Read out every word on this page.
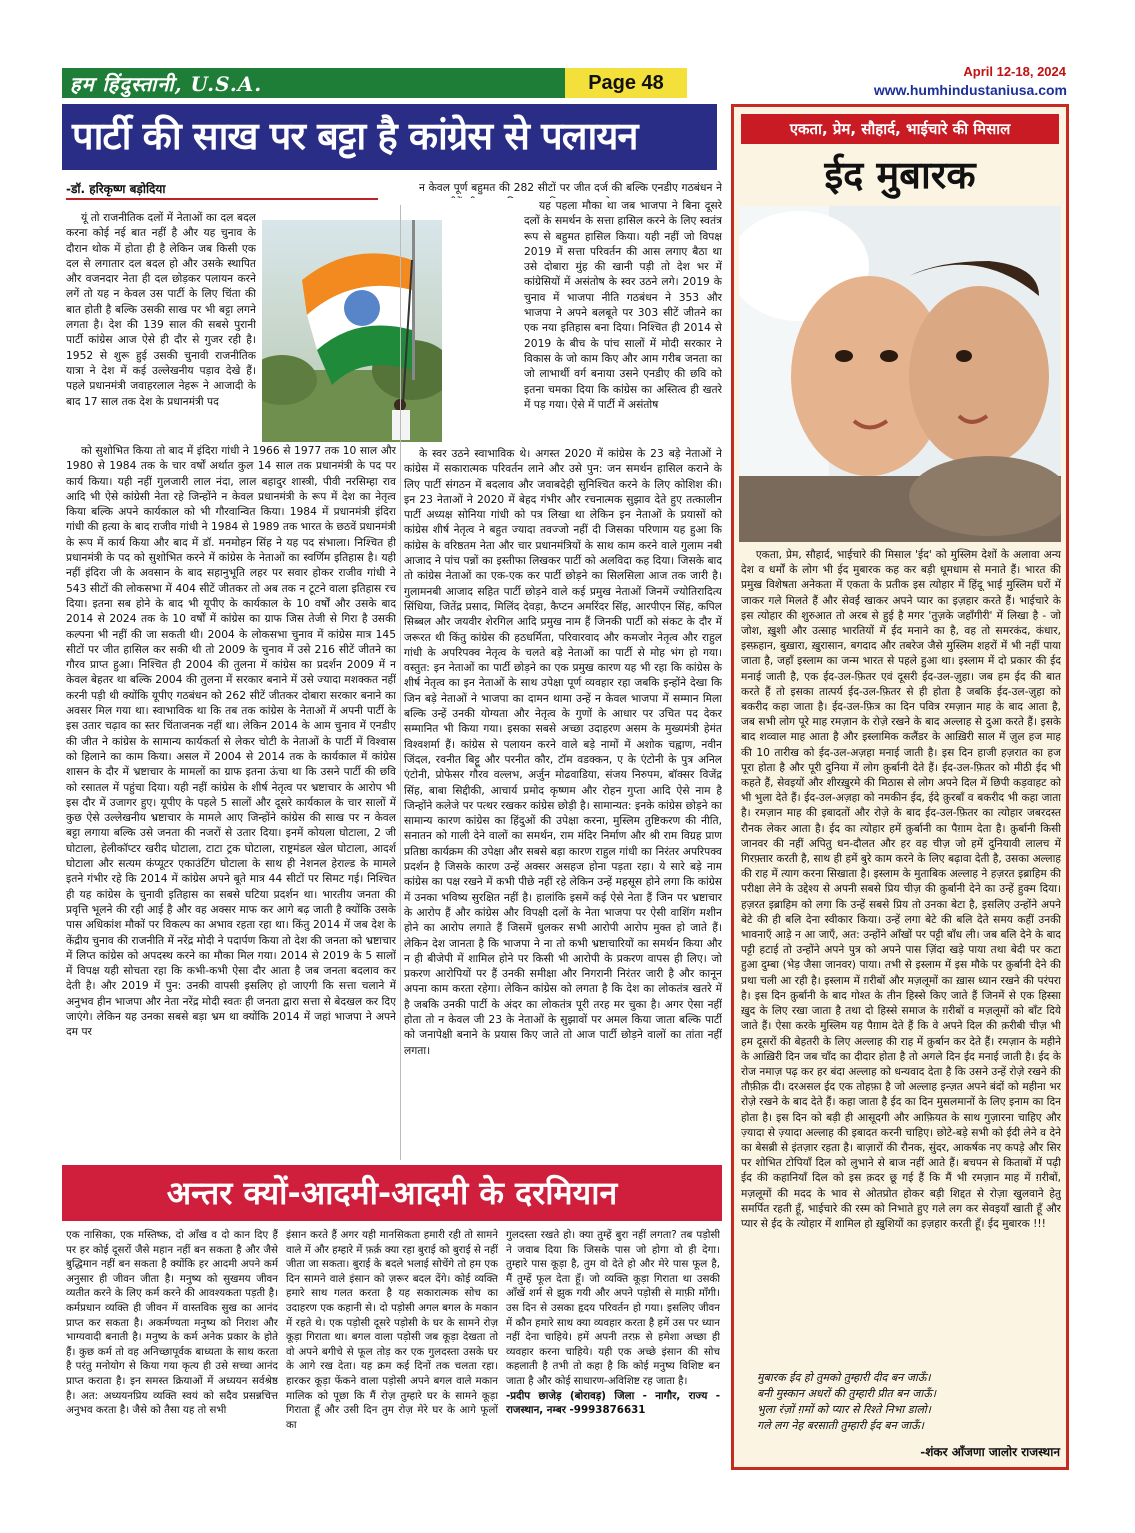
हम हिंदुस्तानी, U.S.A.	Page 48
April 12-18, 2024
www.humhindustaniusa.com
पार्टी की साख पर बट्टा है कांग्रेस से पलायन
-डॉ. हरिकृष्ण बड़ोदिया

यूं तो राजनीतिक दलों में नेताओं का दल बदल करना कोई नई बात नहीं है और यह चुनाव के दौरान थोक में होता ही है लेकिन जब किसी एक दल से लगातार दल बदल हो और उसके स्थापित और वजनदार नेता ही दल छोड़कर पलायन करने लगें तो यह न केवल उस पार्टी के लिए चिंता की बात होती है बल्कि उसकी साख पर भी बट्टा लगने लगता है। देश की 139 साल की सबसे पुरानी पार्टी कांग्रेस आज ऐसे ही दौर से गुजर रही है। 1952 से शुरू हुई उसकी चुनावी राजनीतिक यात्रा ने देश में कई उल्लेखनीय पड़ाव देखे हैं। पहले प्रधानमंत्री जवाहरलाल नेहरू ने आजादी के बाद 17 साल तक देश के प्रधानमंत्री पद

को सुशोभित किया तो बाद में इंदिरा गांधी ने 1966 से 1977 तक 10 साल और 1980 से 1984 तक के चार वर्षों अर्थात कुल 14 साल तक प्रधानमंत्री के पद पर कार्य किया। यही नहीं गुलजारी लाल नंदा, लाल बहादुर शास्त्री, पीवी नरसिम्हा राव आदि भी ऐसे कांग्रेसी नेता रहे जिन्होंने न केवल प्रधानमंत्री के रूप में देश का नेतृत्व किया बल्कि अपने कार्यकाल को भी गौरवान्वित किया। 1984 में प्रधानमंत्री इंदिरा गांधी की हत्या के बाद राजीव गांधी ने 1984 से 1989 तक भारत के छठवें प्रधानमंत्री के रूप में कार्य किया और बाद में डॉ. मनमोहन सिंह ने यह पद संभाला। निश्चित ही प्रधानमंत्री के पद को सुशोभित करने में कांग्रेस के नेताओं का स्वर्णिम इतिहास है। यही नहीं इंदिरा जी के अवसान के बाद सहानुभूति लहर पर सवार होकर राजीव गांधी ने 543 सीटों की लोकसभा में 404 सीटें जीतकर तो अब तक न टूटने वाला इतिहास रच दिया। इतना सब होने के बाद भी यूपीए के कार्यकाल के 10 वर्षों और उसके बाद 2014 से 2024 तक के 10 वर्षों में कांग्रेस का ग्राफ जिस तेजी से गिरा है उसकी कल्पना भी नहीं की जा सकती थी। 2004 के लोकसभा चुनाव में कांग्रेस मात्र 145 सीटों पर जीत हासिल कर सकी थी तो 2009 के चुनाव में उसे 216 सीटें जीतने का गौरव प्राप्त हुआ। निश्चित ही 2004 की तुलना में कांग्रेस का प्रदर्शन 2009 में न केवल बेहतर था बल्कि 2004 की तुलना में सरकार बनाने में उसे ज्यादा मशक्कत नहीं करनी पड़ी थी क्योंकि यूपीए गठबंधन को 262 सीटें जीतकर दोबारा सरकार बनाने का अवसर मिल गया था। स्वाभाविक था कि तब तक कांग्रेस के नेताओं में अपनी पार्टी के इस उतार चढ़ाव का स्तर चिंताजनक नहीं था। लेकिन 2014 के आम चुनाव में एनडीए की जीत ने कांग्रेस के सामान्य कार्यकर्ता से लेकर चोटी के नेताओं के पार्टी में विश्वास को हिलाने का काम किया। असल में 2004 से 2014 तक के कार्यकाल में कांग्रेस शासन के दौर में भ्रष्टाचार के मामलों का ग्राफ इतना ऊंचा था कि उसने पार्टी की छवि को रसातल में पहुंचा दिया। यही नहीं कांग्रेस के शीर्ष नेतृत्व पर भ्रष्टाचार के आरोप भी इस दौर में उजागर हुए। यूपीए के पहले 5 सालों और दूसरे कार्यकाल के चार सालों में कुछ ऐसे उल्लेखनीय भ्रष्टाचार के मामले आए जिन्होंने कांग्रेस की साख पर न केवल बट्टा लगाया बल्कि उसे जनता की नजरों से उतार दिया। इनमें कोयला घोटाला, 2 जी घोटाला, हेलीकॉप्टर खरीद घोटाला, टाटा ट्रक घोटाला, राष्ट्रमंडल खेल घोटाला, आदर्श घोटाला और सत्यम कंप्यूटर एकाउंटिंग घोटाला के साथ ही नेशनल हेराल्ड के मामले इतने गंभीर रहे कि 2014 में कांग्रेस अपने बूते मात्र 44 सीटों पर सिमट गई। निश्चित ही यह कांग्रेस के चुनावी इतिहास का सबसे घटिया प्रदर्शन था। भारतीय जनता की प्रवृत्ति भूलने की रही आई है और वह अक्सर माफ कर आगे बढ़ जाती है क्योंकि उसके पास अधिकांश मौकों पर विकल्प का अभाव रहता रहा था। किंतु 2014 में जब देश के केंद्रीय चुनाव की राजनीति में नरेंद्र मोदी ने पदार्पण किया तो देश की जनता को भ्रष्टाचार में लिप्त कांग्रेस को अपदस्थ करने का मौका मिल गया। 2014 से 2019 के 5 सालों में विपक्ष यही सोचता रहा कि कभी-कभी ऐसा दौर आता है जब जनता बदलाव कर देती है। और 2019 में पुन: उनकी वापसी इसलिए हो जाएगी कि सत्ता चलाने में अनुभव हीन भाजपा और नेता नरेंद्र मोदी स्वतः ही जनता द्वारा सत्ता से बेदखल कर दिए जाएंगे। लेकिन यह उनका सबसे बड़ा भ्रम था क्योंकि 2014 में जहां भाजपा ने अपने दम पर

न केवल पूर्ण बहुमत की 282 सीटों पर जीत दर्ज की बल्कि एनडीए गठबंधन ने

यह पहला मौका था जब भाजपा ने बिना दूसरे दलों के समर्थन के सत्ता हासिल करने के लिए स्वतंत्र रूप से बहुमत हासिल किया। यही नहीं जो विपक्ष 2019 में सत्ता परिवर्तन की आस लगाए बैठा था उसे दोबारा मुंह की खानी पड़ी तो देश भर में कांग्रेसियों में असंतोष के स्वर उठने लगे। 2019 के चुनाव में भाजपा नीति गठबंधन ने 353 और भाजपा ने अपने बलबूते पर 303 सीटें जीतने का एक नया इतिहास बना दिया। निश्चित ही 2014 से 2019 के बीच के पांच सालों में मोदी सरकार ने विकास के जो काम किए और आम गरीब जनता का जो लाभार्थी वर्ग बनाया उसने एनडीए की छवि को इतना चमका दिया कि कांग्रेस का अस्तित्व ही खतरे में पड़ गया। ऐसे में पार्टी में असंतोष

के स्वर उठने स्वाभाविक थे। अगस्त 2020 में कांग्रेस के 23 बड़े नेताओं ने कांग्रेस में सकारात्मक परिवर्तन लाने और उसे पुन: जन समर्थन हासिल कराने के लिए पार्टी संगठन में बदलाव और जवाबदेही सुनिश्चित करने के लिए कोशिश की। इन 23 नेताओं ने 2020 में बेहद गंभीर और रचनात्मक सुझाव देते हुए तत्कालीन पार्टी अध्यक्ष सोनिया गांधी को पत्र लिखा था लेकिन इन नेताओं के प्रयासों को कांग्रेस शीर्ष नेतृत्व ने बहुत ज्यादा तवज्जो नहीं दी जिसका परिणाम यह हुआ कि कांग्रेस के वरिष्ठतम नेता और चार प्रधानमंत्रियों के साथ काम करने वाले गुलाम नबी आजाद ने पांच पन्नों का इस्तीफा लिखकर पार्टी को अलविदा कह दिया। जिसके बाद तो कांग्रेस नेताओं का एक-एक कर पार्टी छोड़ने का सिलसिला आज तक जारी है। गुलामनबी आजाद सहित पार्टी छोड़ने वाले कई प्रमुख नेताओं जिनमें ज्योतिरादित्य सिंधिया, जितेंद्र प्रसाद, मिलिंद देवड़ा, कैप्टन अमरिंदर सिंह, आरपीएन सिंह, कपिल सिब्बल और जयवीर शेरगिल आदि प्रमुख नाम हैं जिनकी पार्टी को संकट के दौर में जरूरत थी किंतु कांग्रेस की हठधर्मिता, परिवारवाद और कमजोर नेतृत्व और राहुल गांधी के अपरिपक्व नेतृत्व के चलते बड़े नेताओं का पार्टी से मोह भंग हो गया। वस्तुत: इन नेताओं का पार्टी छोड़ने का एक प्रमुख कारण यह भी रहा कि कांग्रेस के शीर्ष नेतृत्व का इन नेताओं के साथ उपेक्षा पूर्ण व्यवहार रहा जबकि इन्होंने देखा कि जिन बड़े नेताओं ने भाजपा का दामन थामा उन्हें न केवल भाजपा में सम्मान मिला बल्कि उन्हें उनकी योग्यता और नेतृत्व के गुणों के आधार पर उचित पद देकर सम्मानित भी किया गया। इसका सबसे अच्छा उदाहरण असम के मुख्यमंत्री हेमंत विश्वशर्मा हैं। कांग्रेस से पलायन करने वाले बड़े नामों में अशोक चह्वाण, नवीन जिंदल, रवनीत बिट्टू और परनीत कौर, टॉम वडक्कन, ए के एंटोनी के पुत्र अनिल एंटोनी, प्रोफेसर गौरव वल्लभ, अर्जुन मोढवाडिया, संजय निरुपम, बॉक्सर विजेंद्र सिंह, बाबा सिद्दीकी, आचार्य प्रमोद कृष्णम और रोहन गुप्ता आदि ऐसे नाम है जिन्होंने कलेजे पर पत्थर रखकर कांग्रेस छोड़ी है। सामान्यत: इनके कांग्रेस छोड़ने का सामान्य कारण कांग्रेस का हिंदुओं की उपेक्षा करना, मुस्लिम तुष्टिकरण की नीति, सनातन को गाली देने वालों का समर्थन, राम मंदिर निर्माण और श्री राम विग्रह प्राण प्रतिष्ठा कार्यक्रम की उपेक्षा और सबसे बड़ा कारण राहुल गांधी का निरंतर अपरिपक्व प्रदर्शन है जिसके कारण उन्हें अक्सर असहज होना पड़ता रहा। ये सारे बड़े नाम कांग्रेस का पक्ष रखने में कभी पीछे नहीं रहे लेकिन उन्हें महसूस होने लगा कि कांग्रेस में उनका भविष्य सुरक्षित नहीं है। हालांकि इसमें कई ऐसे नेता हैं जिन पर भ्रष्टाचार के आरोप हैं और कांग्रेस और विपक्षी दलों के नेता भाजपा पर ऐसी वाशिंग मशीन होने का आरोप लगाते हैं जिसमें धुलकर सभी आरोपी आरोप मुक्त हो जाते हैं। लेकिन देश जानता है कि भाजपा ने ना तो कभी भ्रष्टाचारियों का समर्थन किया और न ही बीजेपी में शामिल होने पर किसी भी आरोपी के प्रकरण वापस ही लिए। जो प्रकरण आरोपियों पर हैं उनकी समीक्षा और निगरानी निरंतर जारी है और कानून अपना काम करता रहेगा। लेकिन कांग्रेस को लगता है कि देश का लोकतंत्र खतरे में है जबकि उनकी पार्टी के अंदर का लोकतंत्र पूरी तरह मर चुका है। अगर ऐसा नहीं होता तो न केवल जी 23 के नेताओं के सुझावों पर अमल किया जाता बल्कि पार्टी को जनापेक्षी बनाने के प्रयास किए जाते तो आज पार्टी छोड़ने वालों का तांता नहीं लगता।

अन्तर क्यों-आदमी-आदमी के दरमियान

एक नासिका, एक मस्तिष्क, दो आँख व दो कान दिए हैं पर हर कोई दूसरों जैसे महान नहीं बन सकता है और जैसे बुद्धिमान नहीं बन सकता है क्योंकि हर आदमी अपने कर्म अनुसार ही जीवन जीता है। मनुष्य को सुखमय जीवन व्यतीत करने के लिए कर्म करने की आवश्यकता पड़ती है। कर्मप्रधान व्यक्ति ही जीवन में वास्तविक सुख का आनंद प्राप्त कर सकता है। अकर्मण्यता मनुष्य को निराश और भाग्यवादी बनाती है। मनुष्य के कर्म अनेक प्रकार के होते हैं। कुछ कर्म तो वह अनिच्छापूर्वक बाध्यता के साथ करता है परंतु मनोयोग से किया गया कृत्य ही उसे सच्चा आनंद प्राप्त कराता है। इन समस्त क्रियाओं में अध्ययन सर्वश्रेष्ठ है। अत: अध्ययनप्रिय व्यक्ति स्वयं को सदैव प्रसन्नचित्त अनुभव करता है। जैसे को तैसा यह तो सभी

इंसान करते हैं अगर यही मानसिकता हमारी रही तो सामने वाले में और हम्हारे में फ़र्क़ क्या रहा बुराई को बुराई से नहीं जीता जा सकता। बुराई के बदले भलाई सोचेंगे तो हम एक दिन सामने वाले इंसान को ज़रूर बदल देंगे। कोई व्यक्ति हमारे साथ गलत करता है यह सकारात्मक सोच का उदाहरण एक कहानी से। दो पड़ोसी अगल बगल के मकान में रहते थे। एक पड़ोसी दूसरे पड़ोसी के घर के सामने रोज़ कूड़ा गिराता था। बगल वाला पड़ोसी जब कूड़ा देखता तो वो अपने बगीचे से फूल तोड़ कर एक गुलदस्ता उसके घर के आगे रख देता। यह क्रम कई दिनों तक चलता रहा। हारकर कूड़ा फेंकने वाला पड़ोसी अपने बगल वाले मकान मालिक को पूछा कि मैं रोज़ तुम्हारे घर के सामने कूड़ा गिराता हूँ और उसी दिन तुम रोज़ मेरे घर के आगे फूलों का

गुलदस्ता रखते हो। क्या तुम्हें बुरा नहीं लगता? तब पड़ोसी ने जवाब दिया कि जिसके पास जो होगा वो ही देगा। तुम्हारे पास कूड़ा है, तुम वो देते हो और मेरे पास फूल है, मैं तुम्हें फूल देता हूँ। जो व्यक्ति कूड़ा गिराता था उसकी आँखें शर्म से झुक गयी और अपने पड़ोसी से माफ़ी माँगी। उस दिन से उसका हृदय परिवर्तन हो गया। इसलिए जीवन में कौन हमारे साथ क्या व्यवहार करता है हमें उस पर ध्यान नहीं देना चाहिये। हमें अपनी तरफ़ से हमेशा अच्छा ही व्यवहार करना चाहिये। यही एक अच्छे इंसान की सोच कहलाती है तभी तो कहा है कि कोई मनुष्य विशिष्ट बन जाता है और कोई साधारण-अविशिष्ट रह जाता है।

-प्रदीप छाजेड़ (बोरावड़) जिला - नागौर, राज्य - राजस्थान, नम्बर -9993876631

एकता, प्रेम, सौहार्द, भाईचारे की मिसाल
ईद मुबारक

एकता, प्रेम, सौहार्द, भाईचारे की मिसाल 'ईद' को मुस्लिम देशों के अलावा अन्य देश व धर्मों के लोग भी ईद मुबारक कह कर बड़ी धूमधाम से मनाते हैं। भारत की प्रमुख विशेषता अनेकता में एकता के प्रतीक इस त्योहार में हिंदू भाई मुस्लिम घरों में जाकर गले मिलते हैं और सेवईं खाकर अपने प्यार का इज़हार करते हैं। भाईचारे के इस त्योहार की शुरुआत तो अरब से हुई है मगर 'तुज़के जहाँगीरी' में लिखा है - जो जोश, ख़ुशी और उत्साह भारतियों में ईद मनाने का है, वह तो समरकंद, कंधार, इस्फ़हान, बुख़ारा, ख़ुरासान, बगदाद और तबरेज जैसे मुस्लिम शहरों में भी नहीं पाया जाता है, जहाँ इस्लाम का जन्म भारत से पहले हुआ था। इस्लाम में दो प्रकार की ईद मनाई जाती है, एक ईद-उल-फ़ितर एवं दूसरी ईद-उल-ज़ुहा। जब हम ईद की बात करते हैं तो इसका तात्पर्य ईद-उल-फ़ितर से ही होता है जबकि ईद-उल-ज़ुहा को बकरीद कहा जाता है। ईद-उल-फ़ित्र का दिन पवित्र रमज़ान माह के बाद आता है, जब सभी लोग पूरे माह रमज़ान के रोज़े रखने के बाद अल्लाह से दुआ करते हैं। इसके बाद शव्वाल माह आता है और इस्लामिक कलैंडर के आख़िरी साल में ज़ुल हज माह की 10 तारीख को ईद-उल-अज़हा मनाई जाती है। इस दिन हाजी हज़रात का हज पूरा होता है और पूरी दुनिया में लोग क़ुर्बानी देते हैं। ईद-उल-फ़ितर को मीठी ईद भी कहते हैं, सेवइयों और शीरख़ुरमे की मिठास से लोग अपने दिल में छिपी कड़वाहट को भी भुला देते हैं। ईद-उल-अज़हा को नमकीन ईद, ईदे क़ुरबाँ व बकरीद भी कहा जाता है। रमज़ान माह की इबादतों और रोज़े के बाद ईद-उल-फ़ितर का त्योहार जबरदस्त रौनक लेकर आता है। ईद का त्योहार हमें क़ुर्बानी का पैग़ाम देता है। क़ुर्बानी किसी जानवर की नहीं अपितु धन-दौलत और हर वह चीज़ जो हमें दुनियावी लालच में गिरफ़्तार करती है, साथ ही हमें बुरे काम करने के लिए बढ़ावा देती है, उसका अल्लाह की राह में त्याग करना सिखाता है। इस्लाम के मुताबिक अल्लाह ने हज़रत इब्राहिम की परीक्षा लेने के उद्देश्य से अपनी सबसे प्रिय चीज़ की क़ुर्बानी देने का उन्हें हुक्म दिया। हज़रत इब्राहिम को लगा कि उन्हें सबसे प्रिय तो उनका बेटा है, इसलिए उन्होंने अपने बेटे की ही बलि देना स्वीकार किया। उन्हें लगा बेटे की बलि देते समय कहीं उनकी भावनाएँ आड़े न आ जाएँ, अत: उन्होंने आँखों पर पट्टी बाँध ली। जब बलि देने के बाद पट्टी हटाई तो उन्होंने अपने पुत्र को अपने पास ज़िंदा खड़े पाया तथा बेदी पर कटा हुआ दुम्बा (भेड़ जैसा जानवर) पाया। तभी से इस्लाम में इस मौके पर क़ुर्बानी देने की प्रथा चली आ रही है। इस्लाम में ग़रीबों और मज़लूमों का ख़ास ध्यान रखने की परंपरा है। इस दिन क़ुर्बानी के बाद गोश्त के तीन हिस्से किए जाते हैं जिनमें से एक हिस्सा ख़ुद के लिए रखा जाता है तथा दो हिस्से समाज के ग़रीबों व मज़लूमों को बाँट दिये जाते हैं। ऐसा करके मुस्लिम यह पैग़ाम देते हैं कि वे अपने दिल की क़रीबी चीज़ भी हम दूसरों की बेहतरी के लिए अल्लाह की राह में क़ुर्बान कर देते हैं। रमज़ान के महीने के आख़िरी दिन जब चाँद का दीदार होता है तो अगले दिन ईद मनाई जाती है। ईद के रोज नमाज़ पढ़ कर हर बंदा अल्लाह को धन्यवाद देता है कि उसने उन्हें रोज़े रखने की तौफ़ीक़ दी। दरअसल ईद एक तोहफ़ा है जो अल्लाह इन्ज़त अपने बंदों को महीना भर रोज़े रखने के बाद देते हैं। कहा जाता है ईद का दिन मुसलमानों के लिए इनाम का दिन होता है। इस दिन को बड़ी ही आसूदगी और आफ़ियत के साथ गुज़ारना चाहिए और ज़्यादा से ज़्यादा अल्लाह की इबादत करनी चाहिए। छोटे-बड़े सभी को ईदी लेने व देने का बेसब्री से इंतज़ार रहता है। बाज़ारों की रौनक, सुंदर, आकर्षक नए कपड़े और सिर पर शोभित टोपियाँ दिल को लुभाने से बाज नहीं आते हैं। बचपन से किताबों में पढ़ी ईद की कहानियाँ दिल को इस क़दर छू गई हैं कि मैं भी रमज़ान माह में ग़रीबों, मज़लूमों की मदद के भाव से ओतप्रोत होकर बड़ी शिद्दत से रोज़ा खुलवाने हेतु समर्पित रहती हूँ, भाईचारे की रस्म को निभाते हुए गले लग कर सेवइयाँ खाती हूँ और प्यार से ईद के त्योहार में शामिल हो ख़ुशियों का इज़हार करती हूँ। ईद मुबारक !!!

मुबारक ईद हो तुमको तुम्हारी दीद बन जाऊँ।
बनी मुस्कान अधरों की तुम्हारी प्रीत बन जाऊँ।
भुला रंज़ों ग़मों को प्यार से रिश्ते निभा डालो।
गले लग नेह बरसाती तुम्हारी ईद बन जाऊँ।
-शंकर आँजणा जालोर राजस्थान
